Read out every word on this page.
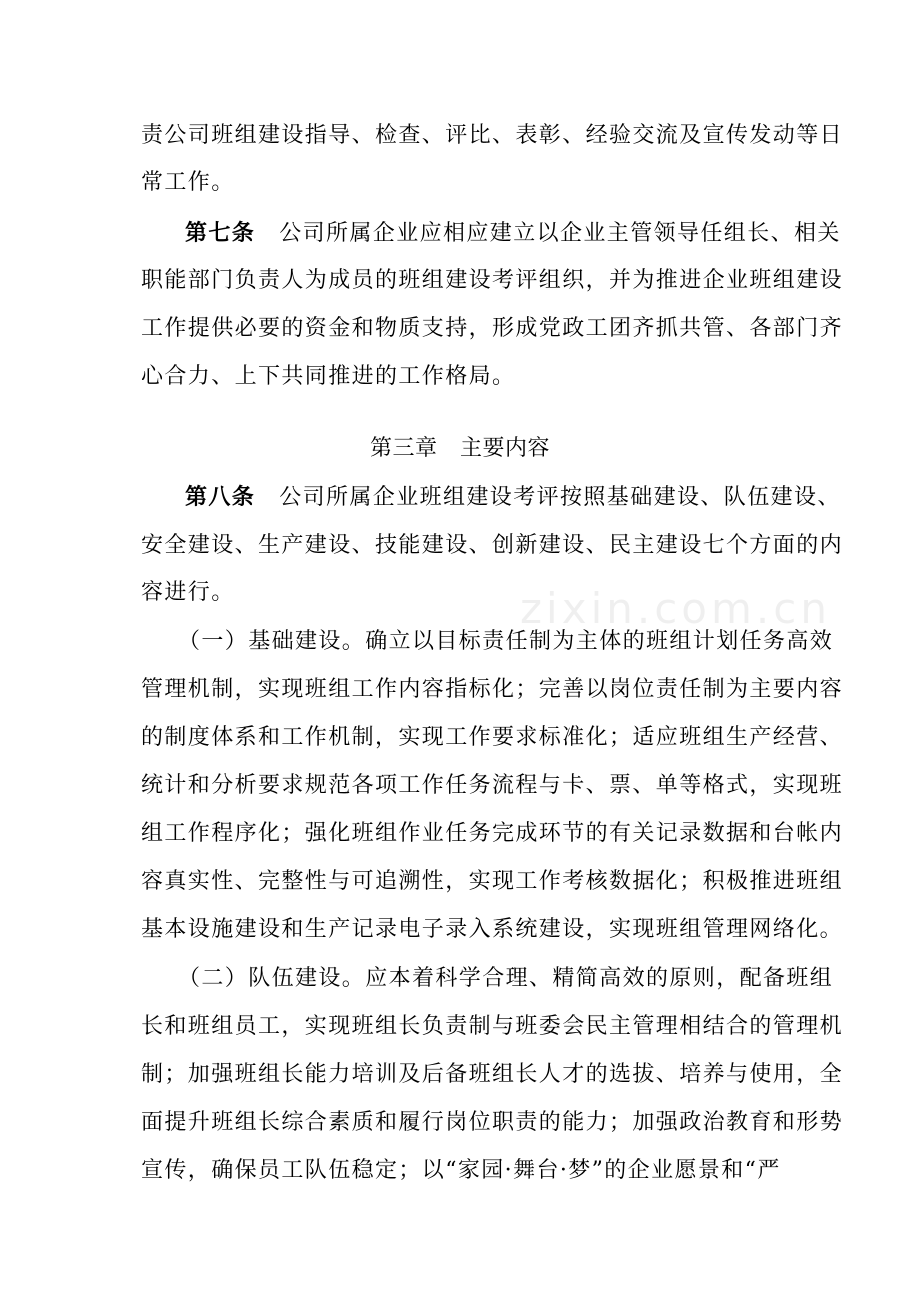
zixin.com.cn
责公司班组建设指导、检查、评比、表彰、经验交流及宣传发动等日
常工作。
第七条 公司所属企业应相应建立以企业主管领导任组长、相关
职能部门负责人为成员的班组建设考评组织，并为推进企业班组建设
工作提供必要的资金和物质支持，形成党政工团齐抓共管、各部门齐
心合力、上下共同推进的工作格局。
第三章　主要内容
第八条 公司所属企业班组建设考评按照基础建设、队伍建设、
安全建设、生产建设、技能建设、创新建设、民主建设七个方面的内
容进行。
（一）基础建设。确立以目标责任制为主体的班组计划任务高效
管理机制，实现班组工作内容指标化；完善以岗位责任制为主要内容
的制度体系和工作机制，实现工作要求标准化；适应班组生产经营、
统计和分析要求规范各项工作任务流程与卡、票、单等格式，实现班
组工作程序化；强化班组作业任务完成环节的有关记录数据和台帐内
容真实性、完整性与可追溯性，实现工作考核数据化；积极推进班组
基本设施建设和生产记录电子录入系统建设，实现班组管理网络化。
（二）队伍建设。应本着科学合理、精简高效的原则，配备班组
长和班组员工，实现班组长负责制与班委会民主管理相结合的管理机
制；加强班组长能力培训及后备班组长人才的选拔、培养与使用，全
面提升班组长综合素质和履行岗位职责的能力；加强政治教育和形势
宣传，确保员工队伍稳定；以“家园·舞台·梦”的企业愿景和“严
